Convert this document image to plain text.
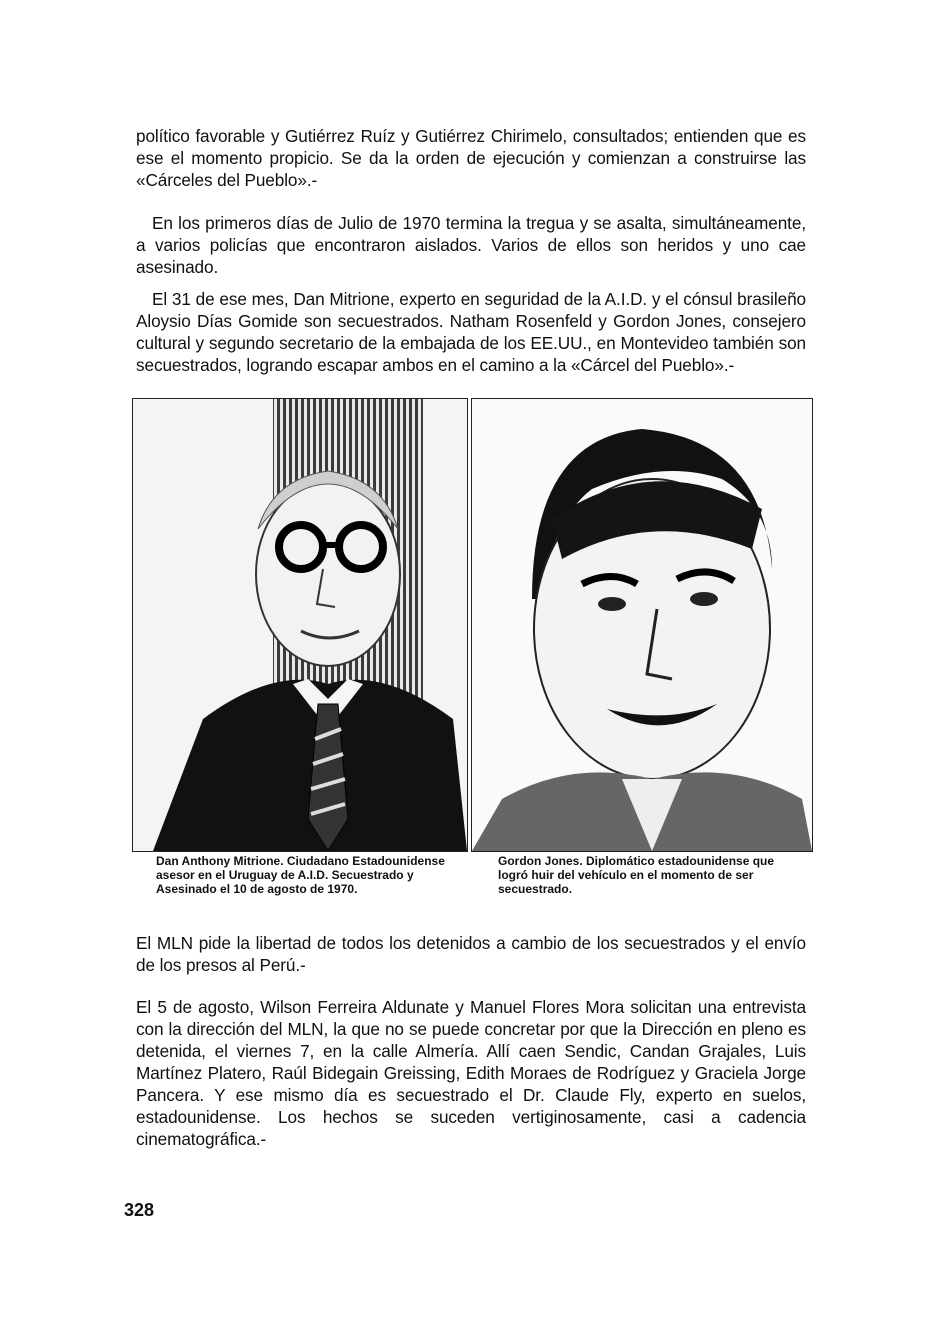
político favorable y Gutiérrez Ruíz y Gutiérrez Chirimelo, consultados; entienden que es ese el momento propicio. Se da la orden de ejecución y comienzan a construirse las «Cárceles del Pueblo».-

En los primeros días de Julio de 1970 termina la tregua y se asalta, simultáneamente, a varios policías que encontraron aislados. Varios de ellos son heridos y uno cae asesinado.

El 31 de ese mes, Dan Mitrione, experto en seguridad de la A.I.D. y el cónsul brasileño Aloysio Días Gomide son secuestrados. Natham Rosenfeld y Gordon Jones, consejero cultural y segundo secretario de la embajada de los EE.UU., en Montevideo también son secuestrados, logrando escapar ambos en el camino a la «Cárcel del Pueblo».-

Dan Anthony Mitrione. Ciudadano Estadounidense asesor en el Uruguay de A.I.D. Secuestrado y Asesinado el 10 de agosto de 1970.

Gordon Jones. Diplomático estadounidense que logró huir del vehículo en el momento de ser secuestrado.

El MLN pide la libertad de todos los detenidos a cambio de los secuestrados y el envío de los presos al Perú.-

El 5 de agosto, Wilson Ferreira Aldunate y Manuel Flores Mora solicitan una entrevista con la dirección del MLN, la que no se puede concretar por que la Dirección en pleno es detenida, el viernes 7, en la calle Almería. Allí caen Sendic, Candan Grajales, Luis Martínez Platero, Raúl Bidegain Greissing, Edith Moraes de Rodríguez y Graciela Jorge Pancera. Y ese mismo día es secuestrado el Dr. Claude Fly, experto en suelos, estadounidense. Los hechos se suceden vertiginosamente, casi a cadencia cinematográfica.-

328
